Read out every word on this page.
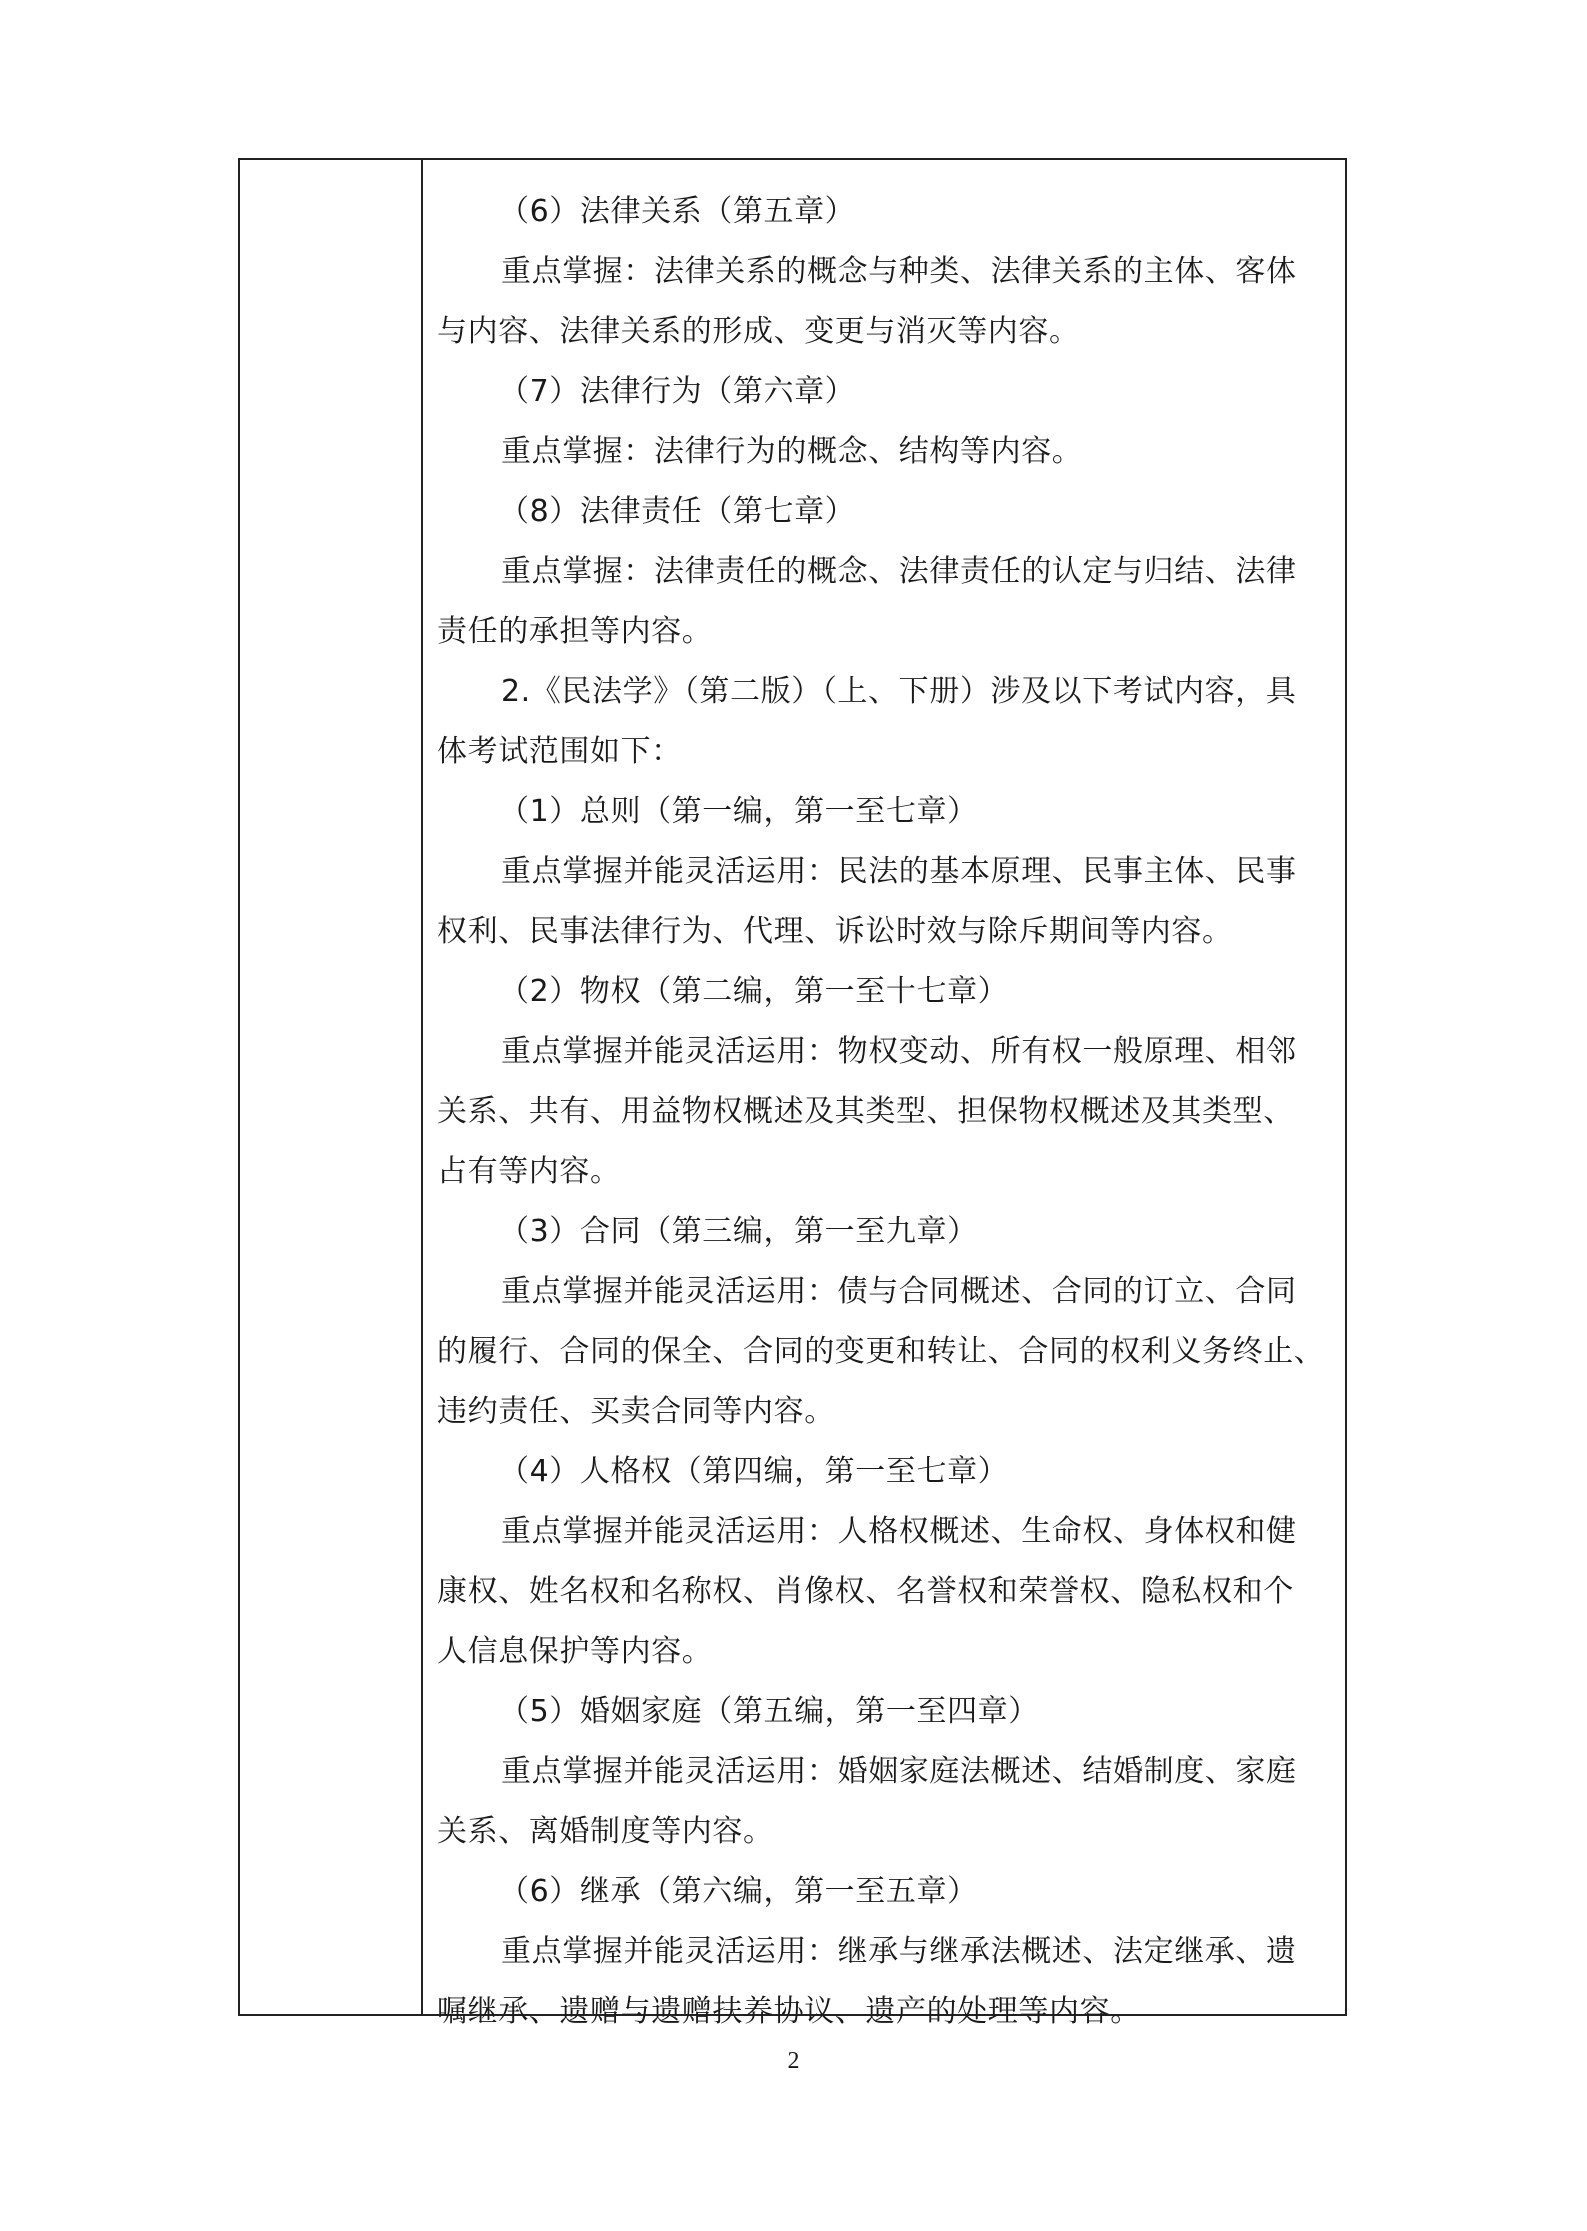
（6）法律关系（第五章）
重点掌握：法律关系的概念与种类、法律关系的主体、客体
与内容、法律关系的形成、变更与消灭等内容。
（7）法律行为（第六章）
重点掌握：法律行为的概念、结构等内容。
（8）法律责任（第七章）
重点掌握：法律责任的概念、法律责任的认定与归结、法律
责任的承担等内容。
2.《民法学》（第二版）（上、下册）涉及以下考试内容，具
体考试范围如下：
（1）总则（第一编，第一至七章）
重点掌握并能灵活运用：民法的基本原理、民事主体、民事
权利、民事法律行为、代理、诉讼时效与除斥期间等内容。
（2）物权（第二编，第一至十七章）
重点掌握并能灵活运用：物权变动、所有权一般原理、相邻
关系、共有、用益物权概述及其类型、担保物权概述及其类型、
占有等内容。
（3）合同（第三编，第一至九章）
重点掌握并能灵活运用：债与合同概述、合同的订立、合同
的履行、合同的保全、合同的变更和转让、合同的权利义务终止、
违约责任、买卖合同等内容。
（4）人格权（第四编，第一至七章）
重点掌握并能灵活运用：人格权概述、生命权、身体权和健
康权、姓名权和名称权、肖像权、名誉权和荣誉权、隐私权和个
人信息保护等内容。
（5）婚姻家庭（第五编，第一至四章）
重点掌握并能灵活运用：婚姻家庭法概述、结婚制度、家庭
关系、离婚制度等内容。
（6）继承（第六编，第一至五章）
重点掌握并能灵活运用：继承与继承法概述、法定继承、遗
嘱继承、遗赠与遗赠扶养协议、遗产的处理等内容。
2
